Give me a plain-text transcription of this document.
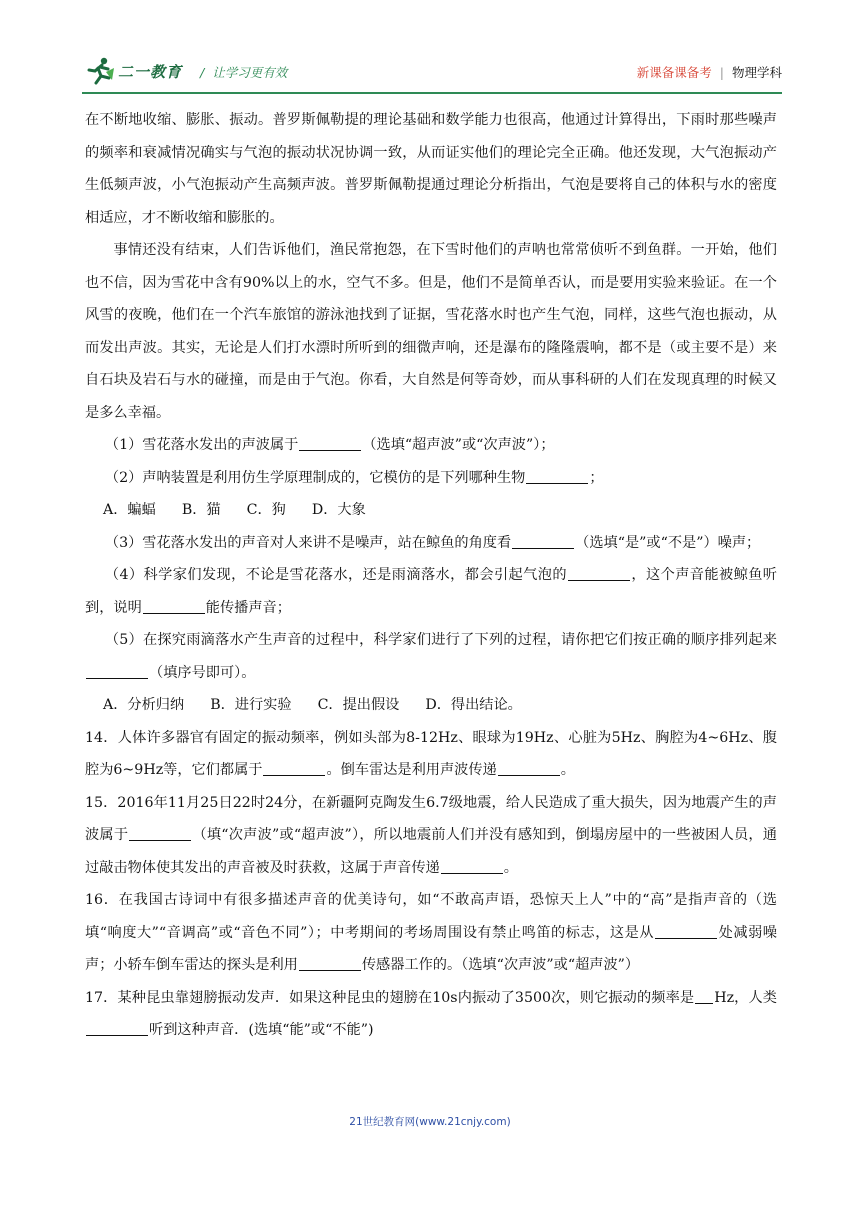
二一教育 / 让学习更有效	新课备课备考 | 物理学科

在不断地收缩、膨胀、振动。普罗斯佩勒提的理论基础和数学能力也很高，他通过计算得出，下雨时那些噪声的频率和衰减情况确实与气泡的振动状况协调一致，从而证实他们的理论完全正确。他还发现，大气泡振动产生低频声波，小气泡振动产生高频声波。普罗斯佩勒提通过理论分析指出，气泡是要将自己的体积与水的密度相适应，才不断收缩和膨胀的。

事情还没有结束，人们告诉他们，渔民常抱怨，在下雪时他们的声呐也常常侦听不到鱼群。一开始，他们也不信，因为雪花中含有90%以上的水，空气不多。但是，他们不是简单否认，而是要用实验来验证。在一个风雪的夜晚，他们在一个汽车旅馆的游泳池找到了证据，雪花落水时也产生气泡，同样，这些气泡也振动，从而发出声波。其实，无论是人们打水漂时所听到的细微声响，还是瀑布的隆隆震响，都不是（或主要不是）来自石块及岩石与水的碰撞，而是由于气泡。你看，大自然是何等奇妙，而从事科研的人们在发现真理的时候又是多么幸福。

（1）雪花落水发出的声波属于	（选填“超声波”或“次声波”）；

（2）声呐装置是利用仿生学原理制成的，它模仿的是下列哪种生物	；

A．蝙蝠 B．猫 C．狗 D．大象

（3）雪花落水发出的声音对人来讲不是噪声，站在鲸鱼的角度看	（选填“是”或“不是”）噪声；

（4）科学家们发现，不论是雪花落水，还是雨滴落水，都会引起气泡的	，这个声音能被鲸鱼听到，说明	能传播声音；

（5）在探究雨滴落水产生声音的过程中，科学家们进行了下列的过程，请你把它们按正确的顺序排列起来（填序号即可）。

A．分析归纳 B．进行实验 C．提出假设 D．得出结论。

14．人体许多器官有固定的振动频率，例如头部为8-12Hz、眼球为19Hz、心脏为5Hz、胸腔为4~6Hz、腹腔为6~9Hz等，它们都属于	。倒车雷达是利用声波传递	。

15．2016年11月25日22时24分，在新疆阿克陶发生6.7级地震，给人民造成了重大损失，因为地震产生的声波属于	（填“次声波”或“超声波”），所以地震前人们并没有感知到，倒塌房屋中的一些被困人员，通过敲击物体使其发出的声音被及时获救，这属于声音传递	。

16．在我国古诗词中有很多描述声音的优美诗句，如“不敢高声语，恐惊天上人”中的“高”是指声音的（选填“响度大”“音调高”或“音色不同”）；中考期间的考场周围设有禁止鸣笛的标志，这是从	处减弱噪声；小轿车倒车雷达的探头是利用	传感器工作的。（选填“次声波”或“超声波”）

17．某种昆虫靠翅膀振动发声．如果这种昆虫的翅膀在10s内振动了3500次，则它振动的频率是 Hz，人类听到这种声音．(选填“能”或“不能”)

21世纪教育网(www.21cnjy.com)
